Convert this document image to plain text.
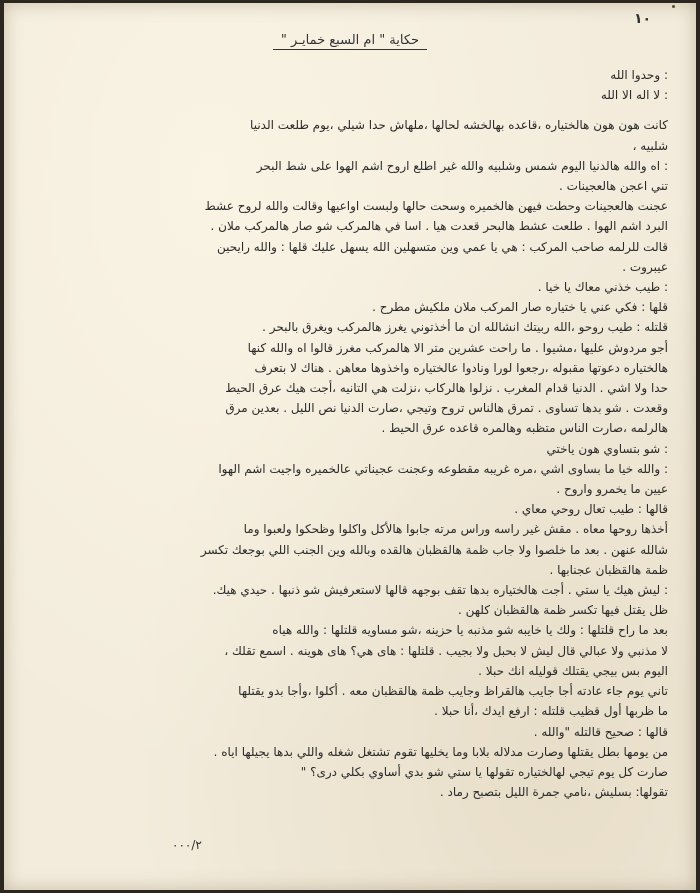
١٠
حكاية " ام السبع خمايـر "
: وحدوا الله
: لا اله الا الله
كانت هون هون هالختياره ،قاعده بهالخشه لحالها ،ملهاش حدا شيلي ،يوم طلعت الدنيا
شلبيه ،
: اه والله هالدنيا اليوم شمس وشلبيه والله غير اطلع اروح اشم الهوا على شط البحر
تني اعجن هالعجينات .
عجنت هالعجينات وحطت فيهن هالخميره وسحت حالها ولبست اواعيها وقالت والله لروح عشط
البرد اشم الهوا . طلعت عشط هالبحر قعدت هيا . اسا في هالمركب شو صار هالمركب ملان .
قالت للرلمه صاحب المركب : هي يا عمي وين متسهلين الله يسهل عليك قلها : والله رايحين
عيبروت .
: طيب خذني معاك يا خيا .
قلها : فكي عني يا ختياره صار المركب ملان ملكيش مطرح .
قلتله : طيب روحو ،الله ربيتك انشالله ان ما أخذتوني يغرز هالمركب ويغرق بالبحر .
أجو مردوش عليها ،مشيوا . ما راحت عشرين متر الا هالمركب مغرز قالوا اه والله كنها
هالختياره دعوتها مقبوله ،رجعوا لورا ونادوا عالختياره واخذوها معاهن . هناك لا بتعرف
حدا ولا اشي . الدنيا قدام المغرب . نزلوا هالركاب ،نزلت هي التانيه ،أجت هيك عرق الحيط
وقعدت . شو بدها تساوى . تمرق هالناس تروح وتيجي ،صارت الدنيا نص الليل . بعدين مرق
هالرلمه ،صارت الناس متظبه وهالمره قاعده عرق الحيط .
: شو بتساوي هون ياختي
: والله خيا ما بساوى اشي ،مره غريبه مقطوعه وعجنت عجيناتي عالخميره واجيت اشم الهوا
عيين ما يخمرو واروح .
قالها : طيب تعال روحي معاي .
أخذها روحها معاه . مقش غير راسه وراس مرته جابوا هالأكل واكلوا وظحكوا ولعبوا وما
شالله عنهن . بعد ما خلصوا ولا جاب ظمة هالقظبان هالقده وبالله وين الجنب اللي بوجعك تكسر
ظمة هالقظبان عجنابها .
: ليش هيك يا ستي . أجت هالختياره بدها تقف بوجهه قالها لاستعرفيش شو ذنبها . حيدي هيك.
ظل يقتل فيها تكسر ظمة هالقظبان كلهن .
بعد ما راح قلتلها : ولك يا خايبه شو مذنبه يا حزينه ،شو مساويه قلتلها : والله هياه
لا مذنبي ولا عبالي قال ليش لا بحبل ولا بجيب . قلتلها : هاى هي؟ هاى هوينه . اسمع تقلك ،
اليوم بس بيجي يقتلك قوليله انك حبلا .
تاني يوم جاء عادته أجا جايب هالقراظ وجايب ظمة هالقظبان معه . أكلوا ،وأجا بدو يقتلها
ما ظربها أول قظيب قلتله : ارفع ايدك ،أنا حبلا .
قالها : صحيح قالتله "والله .
من يومها بطل يقتلها وصارت مدلاله بلابا وما يخليها تقوم تشتغل شغله واللي بدها يجيلها اياه .
صارت كل يوم تيجي لهالختياره تقولها يا ستي شو بدي أساوي بكلي درى؟ "
تقولها: بسليش ،نامي جمرة الليل بتصبح رماد .
٠٠٠/٢
